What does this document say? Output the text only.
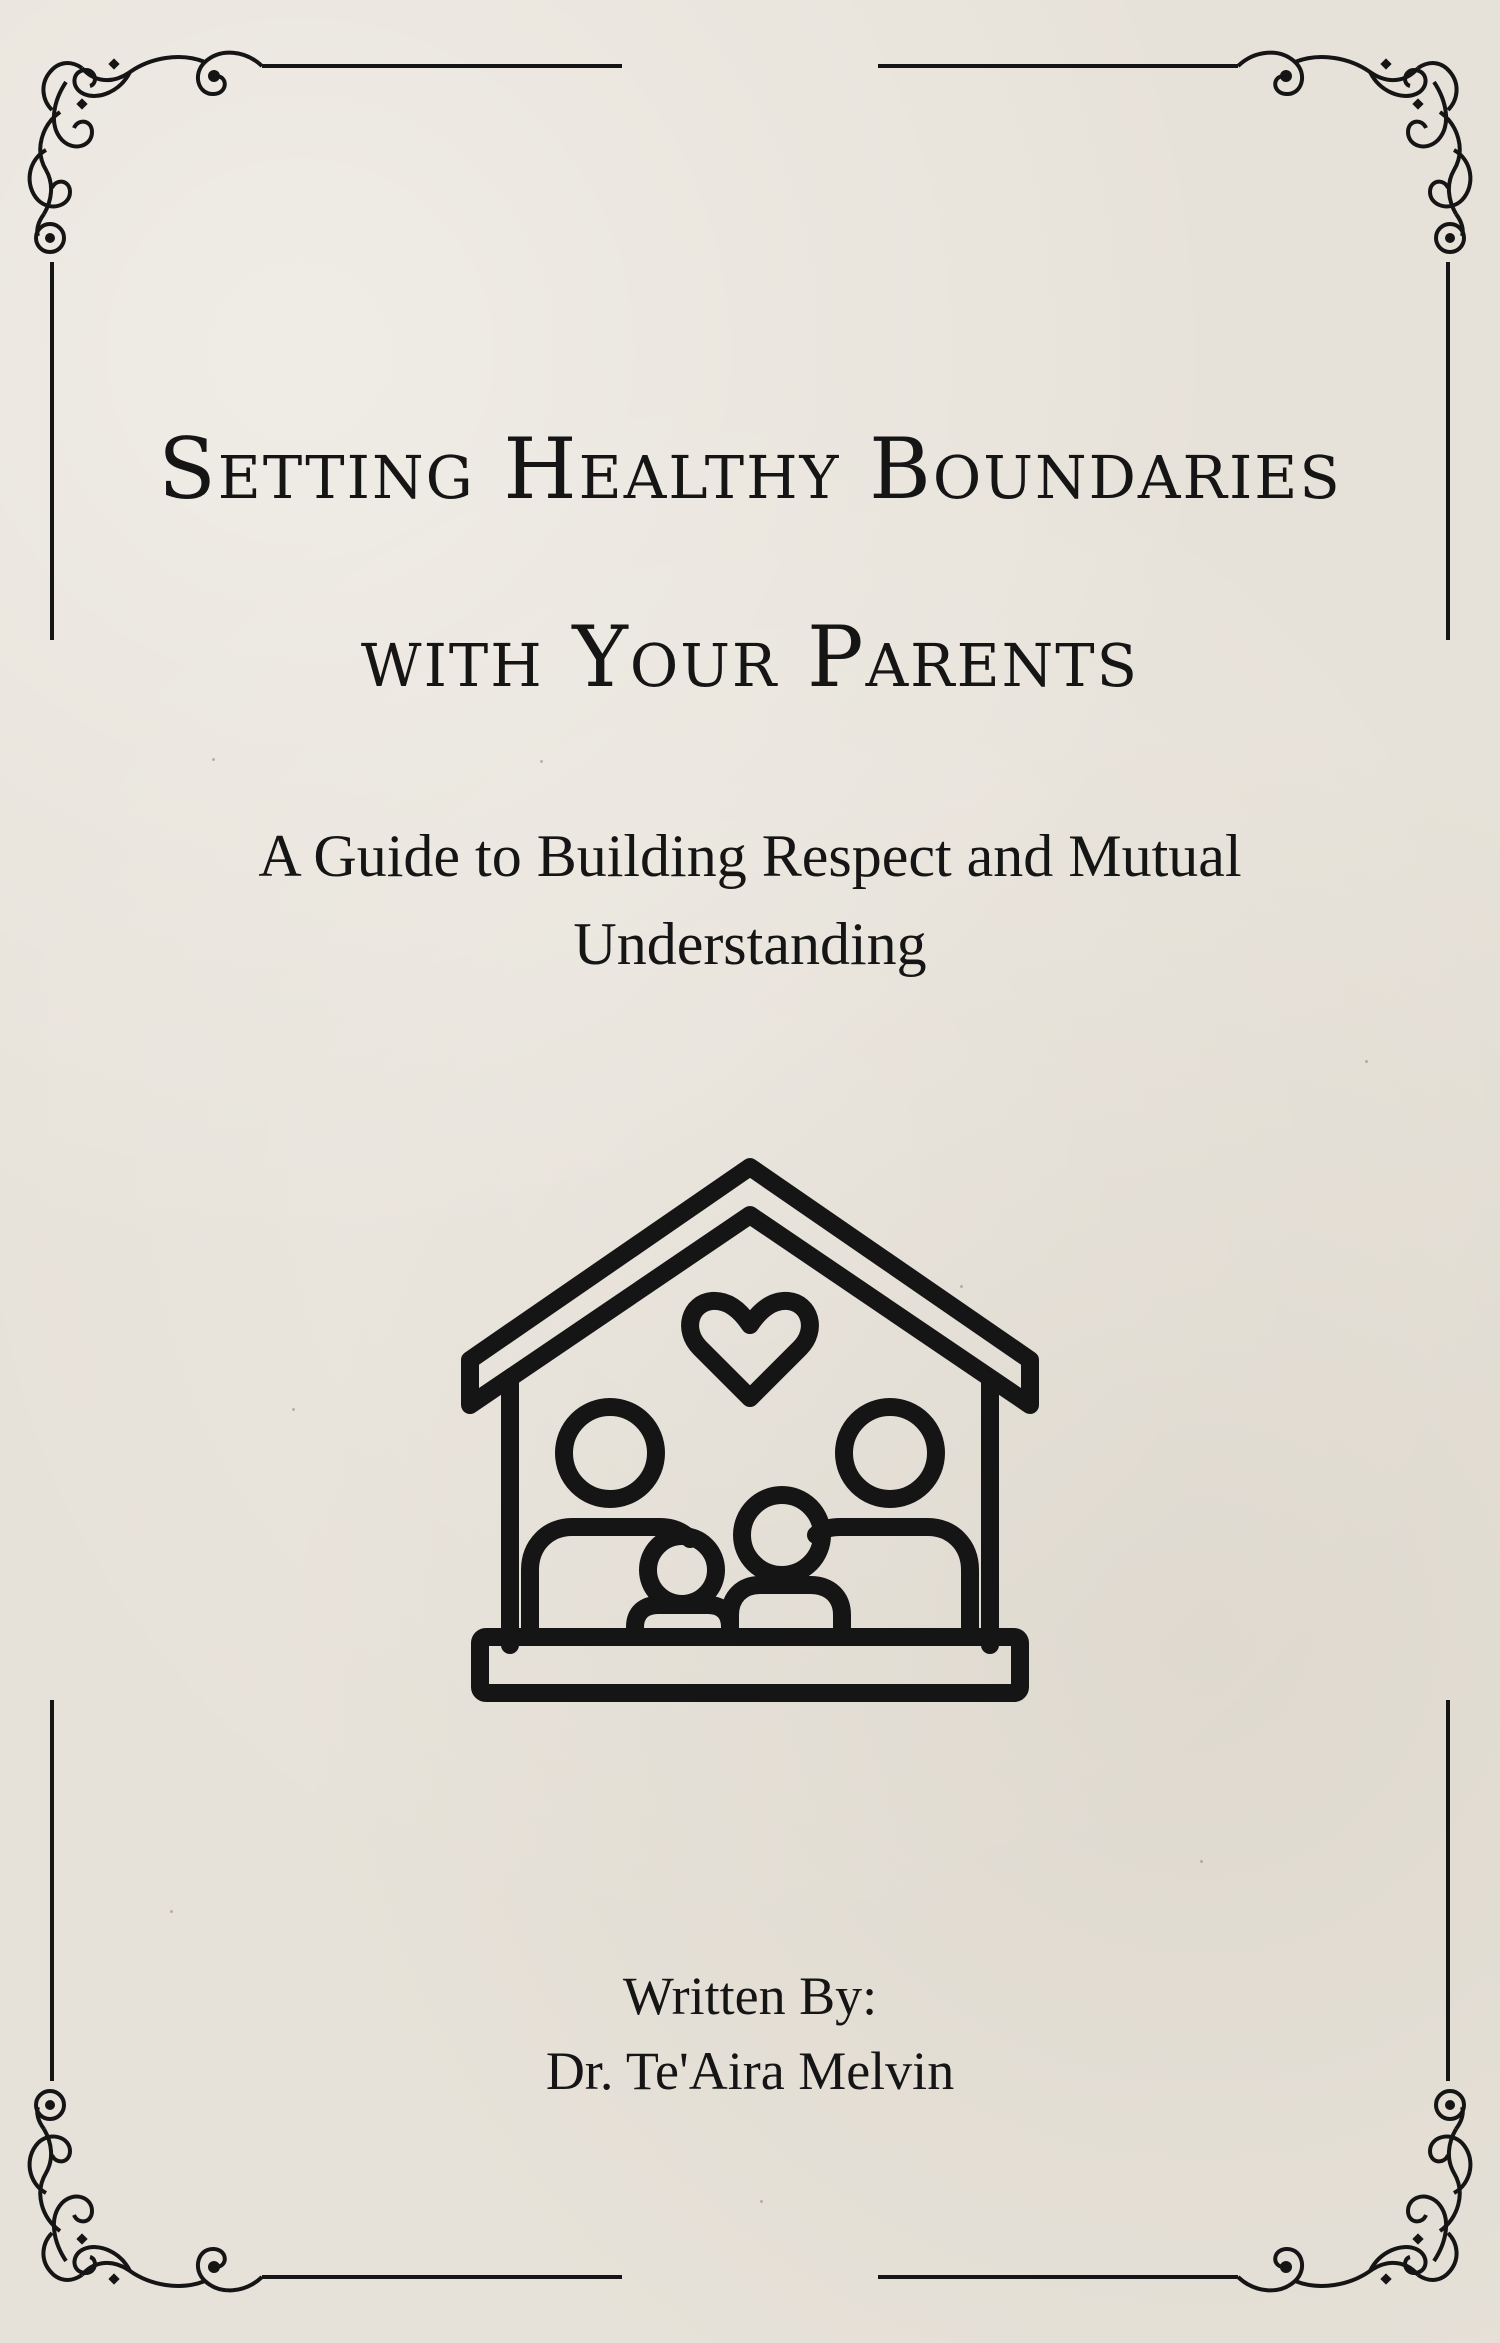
Setting Healthy Boundaries
with Your Parents
A Guide to Building Respect and Mutual Understanding
Written By:
Dr. Te'Aira Melvin
